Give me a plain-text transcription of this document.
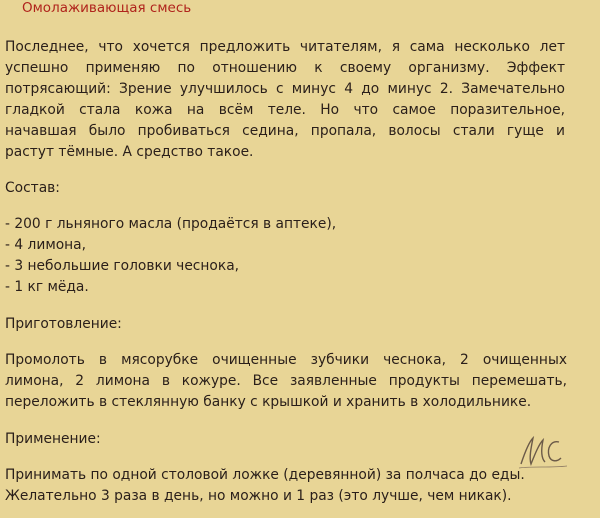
Омолаживающая смесь
Последнее, что хочется предложить читателям, я сама несколько лет
успешно применяю по отношению к своему организму. Эффект
потрясающий: Зрение улучшилось с минус 4 до минус 2. Замечательно
гладкой стала кожа на всём теле. Но что самое поразительное,
начавшая было пробиваться седина, пропала, волосы стали гуще и
растут тёмные. А средство такое.
Состав:
- 200 г льняного масла (продаётся в аптеке),
- 4 лимона,
- 3 небольшие головки чеснока,
- 1 кг мёда.
Приготовление:
Промолоть в мясорубке очищенные зубчики чеснока, 2 очищенных
лимона, 2 лимона в кожуре. Все заявленные продукты перемешать,
переложить в стеклянную банку с крышкой и хранить в холодильнике.
Применение:
Принимать по одной столовой ложке (деревянной) за полчаса до еды.
Желательно 3 раза в день, но можно и 1 раз (это лучше, чем никак).
